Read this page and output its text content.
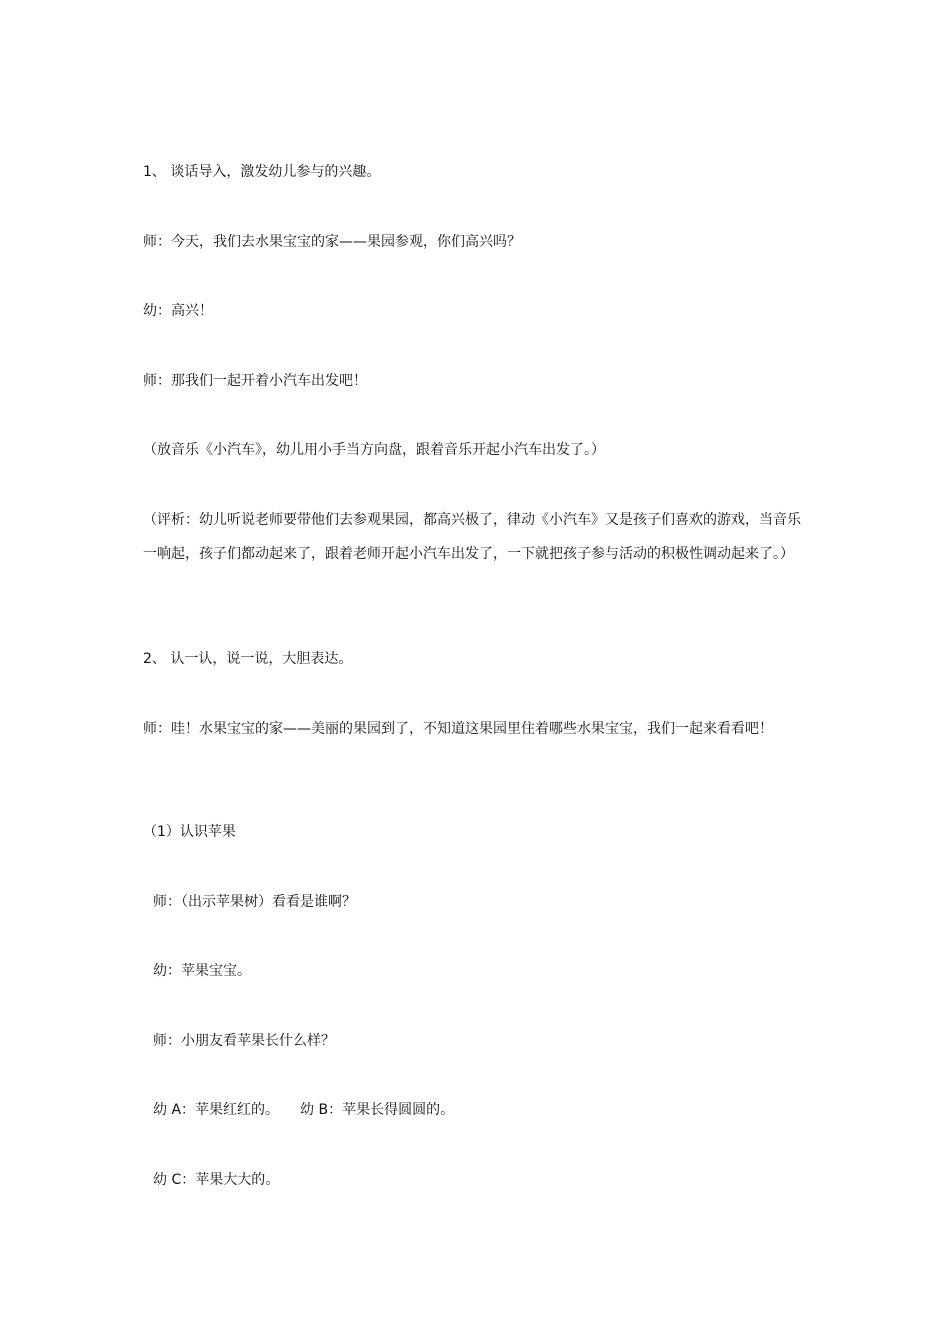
1、 谈话导入，激发幼儿参与的兴趣。

师：今天，我们去水果宝宝的家——果园参观，你们高兴吗？

幼：高兴！

师：那我们一起开着小汽车出发吧！

（放音乐《小汽车》，幼儿用小手当方向盘，跟着音乐开起小汽车出发了。）

（评析：幼儿听说老师要带他们去参观果园，都高兴极了，律动《小汽车》又是孩子们喜欢的游戏，当音乐一响起，孩子们都动起来了，跟着老师开起小汽车出发了，一下就把孩子参与活动的积极性调动起来了。）

2、 认一认，说一说，大胆表达。

师：哇！水果宝宝的家——美丽的果园到了，不知道这果园里住着哪些水果宝宝，我们一起来看看吧！

（1）认识苹果

师：（出示苹果树）看看是谁啊？

幼：苹果宝宝。

师：小朋友看苹果长什么样？

幼 A：苹果红红的。　　幼 B：苹果长得圆圆的。

幼 C：苹果大大的。
